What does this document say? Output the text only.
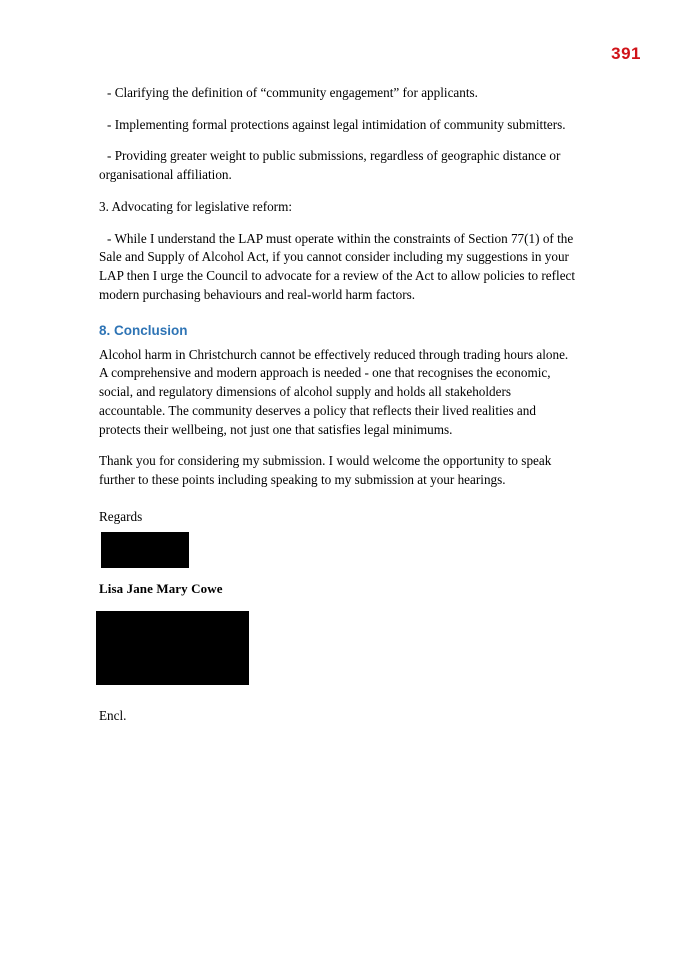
391

- Clarifying the definition of “community engagement” for applicants.

- Implementing formal protections against legal intimidation of community submitters.

- Providing greater weight to public submissions, regardless of geographic distance or organisational affiliation.

3. Advocating for legislative reform:

- While I understand the LAP must operate within the constraints of Section 77(1) of the Sale and Supply of Alcohol Act, if you cannot consider including my suggestions in your LAP then I urge the Council to advocate for a review of the Act to allow policies to reflect modern purchasing behaviours and real-world harm factors.

8. Conclusion

Alcohol harm in Christchurch cannot be effectively reduced through trading hours alone. A comprehensive and modern approach is needed - one that recognises the economic, social, and regulatory dimensions of alcohol supply and holds all stakeholders accountable. The community deserves a policy that reflects their lived realities and protects their wellbeing, not just one that satisfies legal minimums.

Thank you for considering my submission. I would welcome the opportunity to speak further to these points including speaking to my submission at your hearings.

Regards

Lisa Jane Mary Cowe

Encl.
